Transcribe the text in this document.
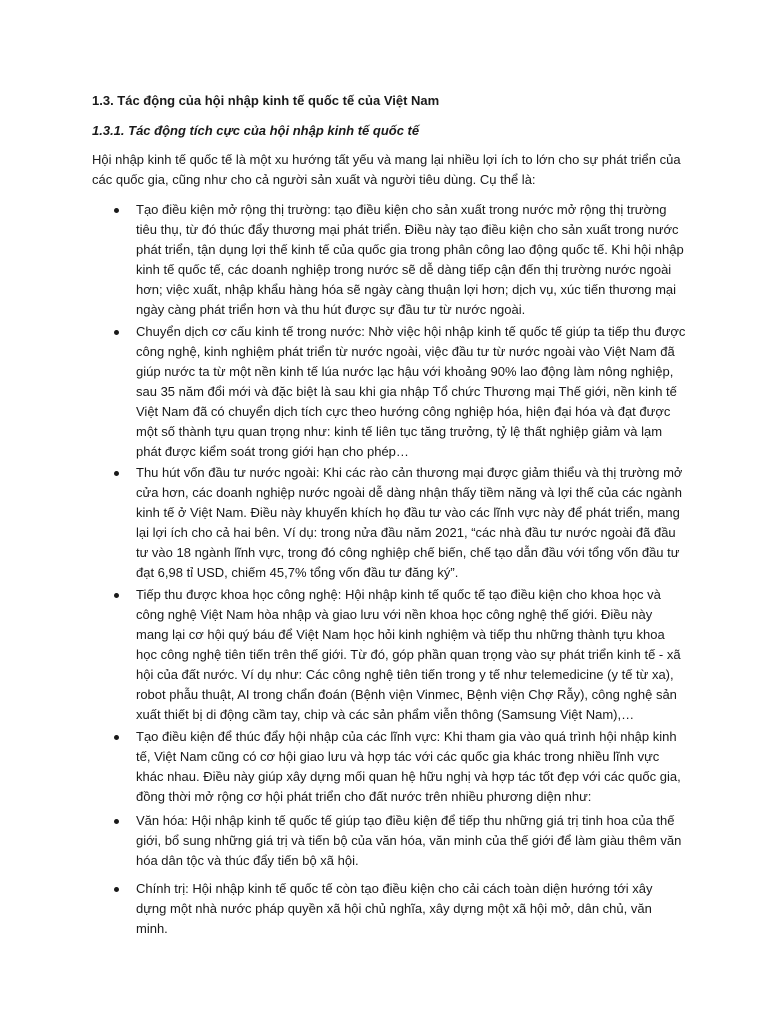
1.3. Tác động của hội nhập kinh tế quốc tế của Việt Nam

1.3.1. Tác động tích cực của hội nhập kinh tế quốc tế

Hội nhập kinh tế quốc tế là một xu hướng tất yếu và mang lại nhiều lợi ích to lớn cho sự phát triển của các quốc gia, cũng như cho cả người sản xuất và người tiêu dùng. Cụ thể là:

Tạo điều kiện mở rộng thị trường: tạo điều kiện cho sản xuất trong nước mở rộng thị trường tiêu thụ, từ đó thúc đẩy thương mại phát triển. Điều này tạo điều kiện cho sản xuất trong nước phát triển, tận dụng lợi thế kinh tế của quốc gia trong phân công lao động quốc tế. Khi hội nhập kinh tế quốc tế, các doanh nghiệp trong nước sẽ dễ dàng tiếp cận đến thị trường nước ngoài hơn; việc xuất, nhập khẩu hàng hóa sẽ ngày càng thuận lợi hơn; dịch vụ, xúc tiến thương mại ngày càng phát triển hơn và thu hút được sự đầu tư từ nước ngoài.

Chuyển dịch cơ cấu kinh tế trong nước: Nhờ việc hội nhập kinh tế quốc tế giúp ta tiếp thu được công nghệ, kinh nghiệm phát triển từ nước ngoài, việc đầu tư từ nước ngoài vào Việt Nam đã giúp nước ta từ một nền kinh tế lúa nước lạc hậu với khoảng 90% lao động làm nông nghiệp, sau 35 năm đổi mới và đặc biệt là sau khi gia nhập Tổ chức Thương mại Thế giới, nền kinh tế Việt Nam đã có chuyển dịch tích cực theo hướng công nghiệp hóa, hiện đại hóa và đạt được một số thành tựu quan trọng như: kinh tế liên tục tăng trưởng, tỷ lệ thất nghiệp giảm và lạm phát được kiểm soát trong giới hạn cho phép…

Thu hút vốn đầu tư nước ngoài: Khi các rào cản thương mại được giảm thiểu và thị trường mở cửa hơn, các doanh nghiệp nước ngoài dễ dàng nhận thấy tiềm năng và lợi thế của các ngành kinh tế ở Việt Nam. Điều này khuyến khích họ đầu tư vào các lĩnh vực này để phát triển, mang lại lợi ích cho cả hai bên. Ví dụ: trong nửa đầu năm 2021, “các nhà đầu tư nước ngoài đã đầu tư vào 18 ngành lĩnh vực, trong đó công nghiệp chế biến, chế tạo dẫn đầu với tổng vốn đầu tư đạt 6,98 tỉ USD, chiếm 45,7% tổng vốn đầu tư đăng ký”.

Tiếp thu được khoa học công nghệ: Hội nhập kinh tế quốc tế tạo điều kiện cho khoa học và công nghệ Việt Nam hòa nhập và giao lưu với nền khoa học công nghệ thế giới. Điều này mang lại cơ hội quý báu để Việt Nam học hỏi kinh nghiệm và tiếp thu những thành tựu khoa học công nghệ tiên tiến trên thế giới. Từ đó, góp phần quan trọng vào sự phát triển kinh tế - xã hội của đất nước. Ví dụ như: Các công nghệ tiên tiến trong y tế như telemedicine (y tế từ xa), robot phẫu thuật, AI trong chẩn đoán (Bệnh viện Vinmec, Bệnh viện Chợ Rẫy), công nghệ sản xuất thiết bị di động cầm tay, chip và các sản phẩm viễn thông (Samsung Việt Nam),…

Tạo điều kiện để thúc đẩy hội nhập của các lĩnh vực: Khi tham gia vào quá trình hội nhập kinh tế, Việt Nam cũng có cơ hội giao lưu và hợp tác với các quốc gia khác trong nhiều lĩnh vực khác nhau. Điều này giúp xây dựng mối quan hệ hữu nghị và hợp tác tốt đẹp với các quốc gia, đồng thời mở rộng cơ hội phát triển cho đất nước trên nhiều phương diện như:

Văn hóa: Hội nhập kinh tế quốc tế giúp tạo điều kiện để tiếp thu những giá trị tinh hoa của thế giới, bổ sung những giá trị và tiến bộ của văn hóa, văn minh của thế giới để làm giàu thêm văn hóa dân tộc và thúc đẩy tiến bộ xã hội.

Chính trị: Hội nhập kinh tế quốc tế còn tạo điều kiện cho cải cách toàn diện hướng tới xây dựng một nhà nước pháp quyền xã hội chủ nghĩa, xây dựng một xã hội mở, dân chủ, văn minh.
